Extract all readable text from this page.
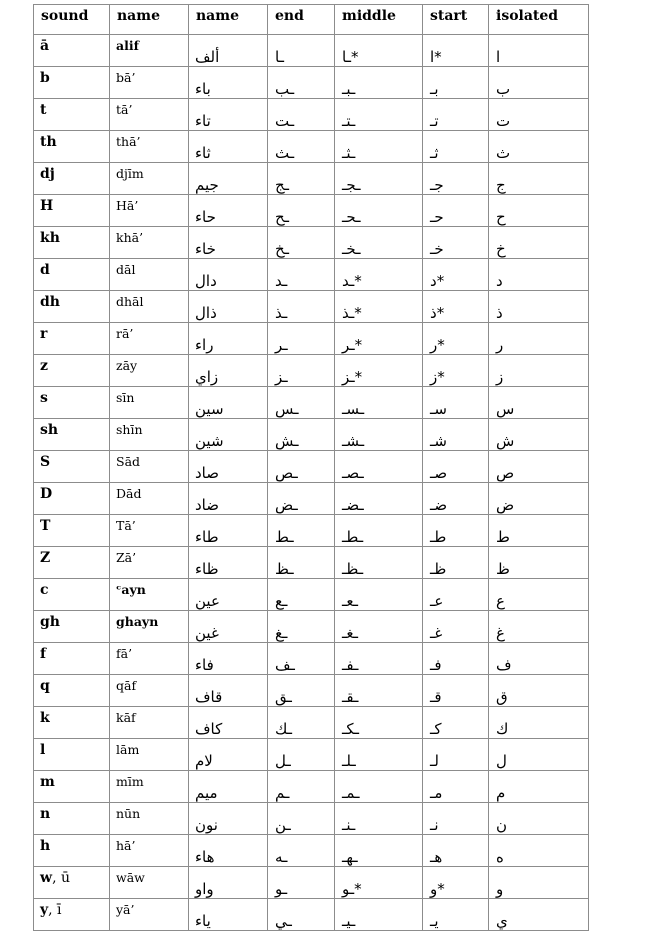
sound	name	name	end	middle	start	isolated
ā	alif	ألف	ـا	ـا*	ا*	ا
b	bā’	باء	ـب	ـبـ	بـ	ب
t	tā’	تاء	ـت	ـتـ	تـ	ت
th	thā’	ثاء	ـث	ـثـ	ثـ	ث
dj	djīm	جيم	ـج	ـجـ	جـ	ج
H	Hā’	حاء	ـح	ـحـ	حـ	ح
kh	khā’	خاء	ـخ	ـخـ	خـ	خ
d	dāl	دال	ـد	ـد*	د*	د
dh	dhāl	ذال	ـذ	ـذ*	ذ*	ذ
r	rā’	راء	ـر	ـر*	ر*	ر
z	zāy	زاي	ـز	ـز*	ز*	ز
s	sīn	سين	ـس	ـسـ	سـ	س
sh	shīn	شين	ـش	ـشـ	شـ	ش
S	Sād	صاد	ـص	ـصـ	صـ	ص
D	Dād	ضاد	ـض	ـضـ	ضـ	ض
T	Tā’	طاء	ـط	ـطـ	طـ	ط
Z	Zā’	ظاء	ـظ	ـظـ	ظـ	ظ
c	ᶜayn	عين	ـع	ـعـ	عـ	ع
gh	ghayn	غين	ـغ	ـغـ	غـ	غ
f	fā’	فاء	ـف	ـفـ	فـ	ف
q	qāf	قاف	ـق	ـقـ	قـ	ق
k	kāf	كاف	ـك	ـكـ	كـ	ك
l	lām	لام	ـل	ـلـ	لـ	ل
m	mīm	ميم	ـم	ـمـ	مـ	م
n	nūn	نون	ـن	ـنـ	نـ	ن
h	hā’	هاء	ـه	ـهـ	هـ	ه
w, ū	wāw	واو	ـو	ـو*	و*	و
y, ī	yā’	ياء	ـي	ـيـ	يـ	ي
